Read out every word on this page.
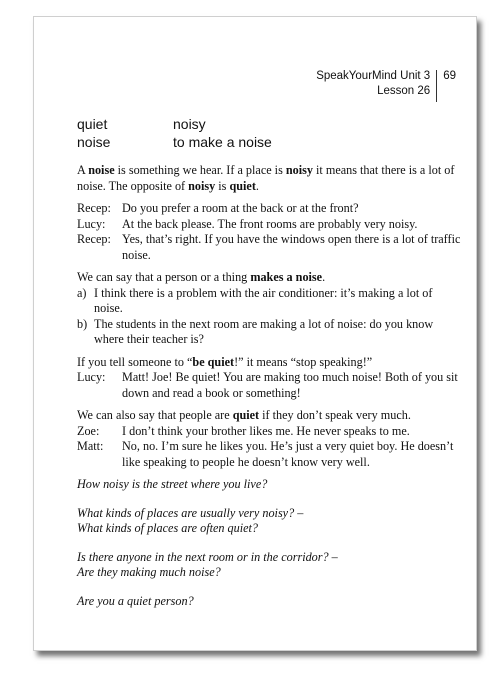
SpeakYourMind Unit 3
Lesson 26
69
quiet	noisy
noise	to make a noise

A noise is something we hear. If a place is noisy it means that there is a lot of noise. The opposite of noisy is quiet.

Recep: Do you prefer a room at the back or at the front?
Lucy:	At the back please. The front rooms are probably very noisy.
Recep: Yes, that’s right. If you have the windows open there is a lot of traffic noise.

We can say that a person or a thing makes a noise.

a) I think there is a problem with the air conditioner: it’s making a lot of noise.
b) The students in the next room are making a lot of noise: do you know where their teacher is?

If you tell someone to “be quiet!” it means “stop speaking!”

Lucy:	Matt! Joe! Be quiet! You are making too much noise! Both of you sit down and read a book or something!

We can also say that people are quiet if they don’t speak very much.

Zoe:	I don’t think your brother likes me. He never speaks to me.
Matt:	No, no. I’m sure he likes you. He’s just a very quiet boy. He doesn’t like speaking to people he doesn’t know very well.
How noisy is the street where you live?
What kinds of places are usually very noisy? –
What kinds of places are often quiet?
Is there anyone in the next room or in the corridor? –
Are they making much noise?
Are you a quiet person?
